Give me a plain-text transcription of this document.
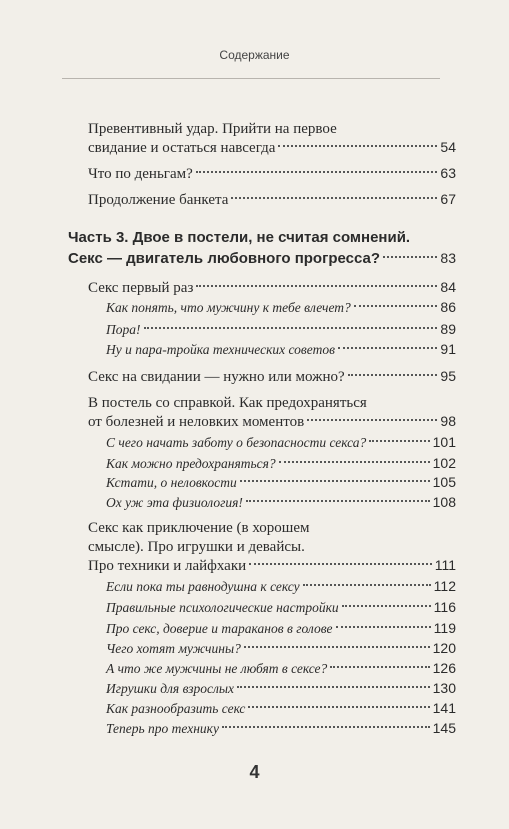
Содержание
Превентивный удар. Прийти на первое
свидание и остаться навсегда	54
Что по деньгам?	63
Продолжение банкета	67
Часть 3. Двое в постели, не считая сомнений.
Секс — двигатель любовного прогресса?	83
Секс первый раз	84
Как понять, что мужчину к тебе влечет?	86
Пора!	89
Ну и пара-тройка технических советов	91
Секс на свидании — нужно или можно?	95
В постель со справкой. Как предохраняться
от болезней и неловких моментов	98
С чего начать заботу о безопасности секса?	101
Как можно предохраняться?	102
Кстати, о неловкости	105
Ох уж эта физиология!	108
Секс как приключение (в хорошем
смысле). Про игрушки и девайсы.
Про техники и лайфхаки	111
Если пока ты равнодушна к сексу	112
Правильные психологические настройки	116
Про секс, доверие и тараканов в голове	119
Чего хотят мужчины?	120
А что же мужчины не любят в сексе?	126
Игрушки для взрослых	130
Как разнообразить секс	141
Теперь про технику	145
4
